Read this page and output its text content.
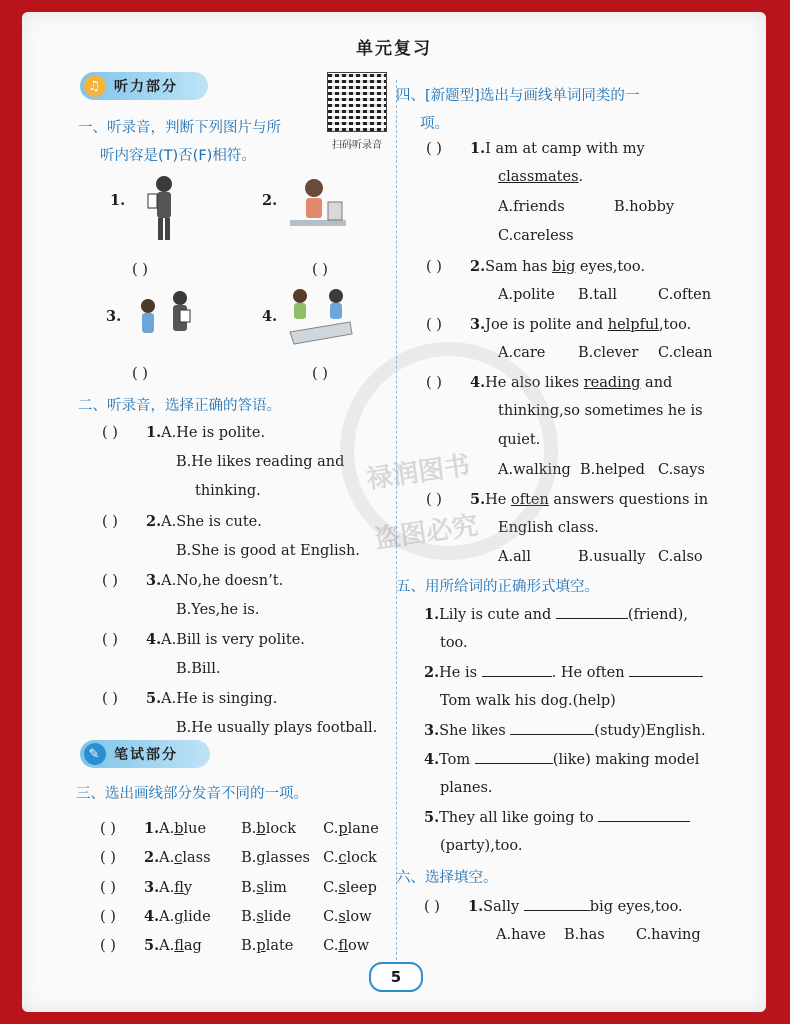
单元复习
♫ 听力部分
扫码听录音
一、听录音，判断下列图片与所
听内容是(T)否(F)相符。
1.
( )
2.
( )
3.
( )
4.
( )
二、听录音，选择正确的答语。
( ) 1.A.He is polite.
B.He likes reading and
thinking.
( ) 2.A.She is cute.
B.She is good at English.
( ) 3.A.No,he doesn’t.
B.Yes,he is.
( ) 4.A.Bill is very polite.
B.Bill.
( ) 5.A.He is singing.
B.He usually plays football.
✎ 笔试部分
三、选出画线部分发音不同的一项。
( ) 1.A.blue B.block C.plane
( ) 2.A.class B.glasses C.clock
( ) 3.A.fly	B.slim	C.sleep
( ) 4.A.glide B.slide C.slow
( ) 5.A.flag	B.plate C.flow
四、[新题型]选出与画线单词同类的一
项。
( ) 1.I am at camp with my
classmates.
A.friends	B.hobby
C.careless
( ) 2.Sam has big eyes,too.
A.polite B.tall	C.often
( ) 3.Joe is polite and helpful,too.
A.care B.clever C.clean
( ) 4.He also likes reading and
thinking,so sometimes he is
quiet.
A.walking B.helped C.says
( ) 5.He often answers questions in
English class.
A.all	B.usually C.also
五、用所给词的正确形式填空。
1.Lily is cute and	(friend),
too.
2.He is	. He often
Tom walk his dog.(help)
3.She likes	(study)English.
4.Tom	(like) making model
planes.
5.They all like going to
(party),too.
六、选择填空。
( ) 1.Sally	big eyes,too.
A.have B.has C.having
禄润图书
盗图必究
5
